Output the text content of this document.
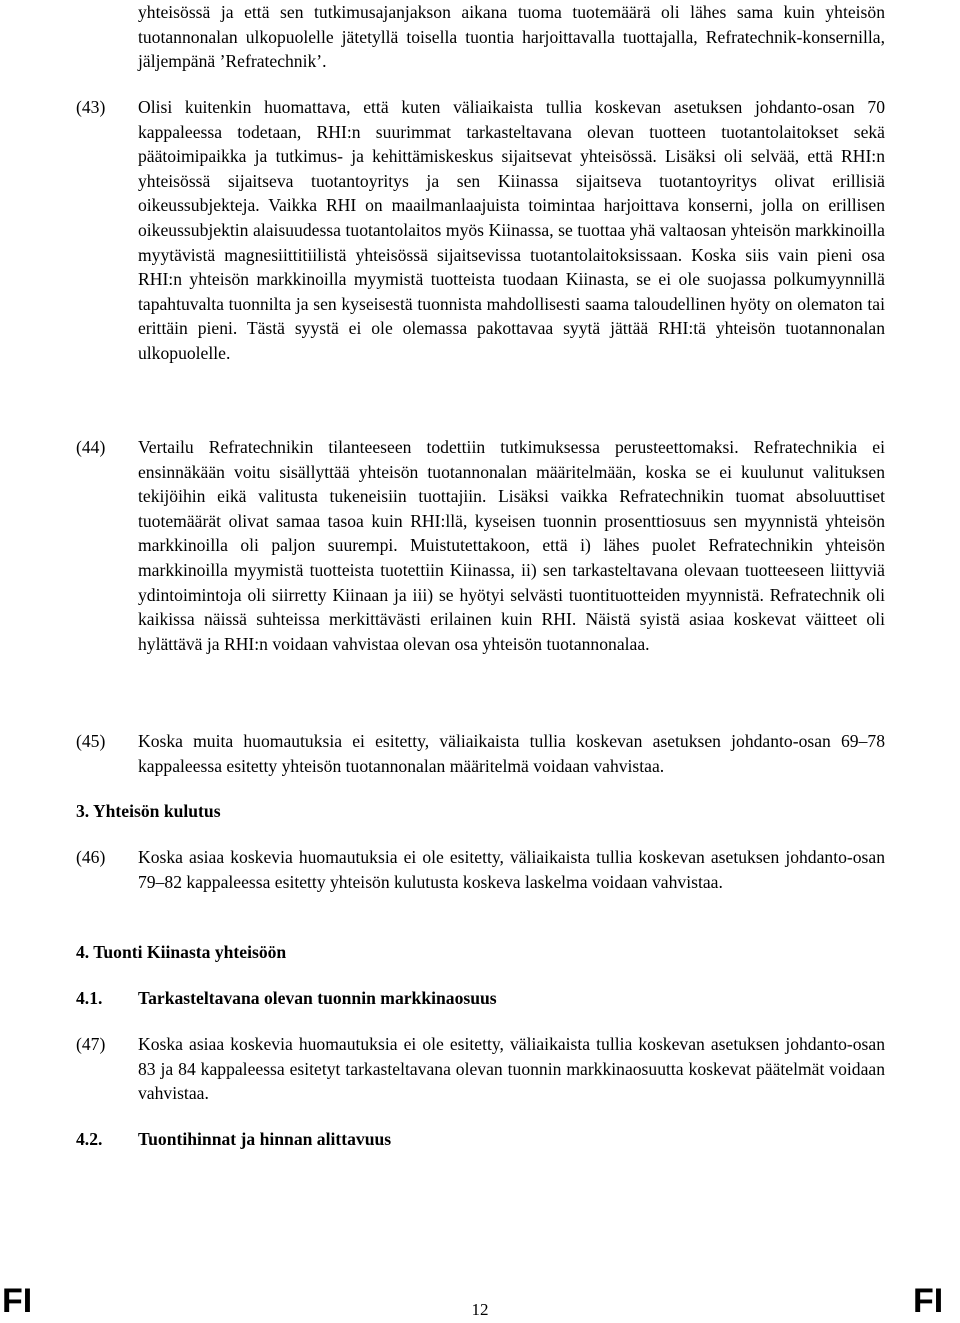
yhteisössä ja että sen tutkimusajanjakson aikana tuoma tuotemäärä oli lähes sama kuin yhteisön tuotannonalan ulkopuolelle jätetyllä toisella tuontia harjoittavalla tuottajalla, Refratechnik-konsernilla, jäljempänä ’Refratechnik’.

(43)	Olisi kuitenkin huomattava, että kuten väliaikaista tullia koskevan asetuksen johdanto-osan 70 kappaleessa todetaan, RHI:n suurimmat tarkasteltavana olevan tuotteen tuotantolaitokset sekä päätoimipaikka ja tutkimus- ja kehittämiskeskus sijaitsevat yhteisössä. Lisäksi oli selvää, että RHI:n yhteisössä sijaitseva tuotantoyritys ja sen Kiinassa sijaitseva tuotantoyritys olivat erillisiä oikeussubjekteja. Vaikka RHI on maailmanlaajuista toimintaa harjoittava konserni, jolla on erillisen oikeussubjektin alaisuudessa tuotantolaitos myös Kiinassa, se tuottaa yhä valtaosan yhteisön markkinoilla myytävistä magnesiittitiilistä yhteisössä sijaitsevissa tuotantolaitoksissaan. Koska siis vain pieni osa RHI:n yhteisön markkinoilla myymistä tuotteista tuodaan Kiinasta, se ei ole suojassa polkumyynnillä tapahtuvalta tuonnilta ja sen kyseisestä tuonnista mahdollisesti saama taloudellinen hyöty on olematon tai erittäin pieni. Tästä syystä ei ole olemassa pakottavaa syytä jättää RHI:tä yhteisön tuotannonalan ulkopuolelle.
(44)	Vertailu Refratechnikin tilanteeseen todettiin tutkimuksessa perusteettomaksi. Refratechnikia ei ensinnäkään voitu sisällyttää yhteisön tuotannonalan määritelmään, koska se ei kuulunut valituksen tekijöihin eikä valitusta tukeneisiin tuottajiin. Lisäksi vaikka Refratechnikin tuomat absoluuttiset tuotemäärät olivat samaa tasoa kuin RHI:llä, kyseisen tuonnin prosenttiosuus sen myynnistä yhteisön markkinoilla oli paljon suurempi. Muistutettakoon, että i) lähes puolet Refratechnikin yhteisön markkinoilla myymistä tuotteista tuotettiin Kiinassa, ii) sen tarkasteltavana olevaan tuotteeseen liittyviä ydintoimintoja oli siirretty Kiinaan ja iii) se hyötyi selvästi tuontituotteiden myynnistä. Refratechnik oli kaikissa näissä suhteissa merkittävästi erilainen kuin RHI. Näistä syistä asiaa koskevat väitteet oli hylättävä ja RHI:n voidaan vahvistaa olevan osa yhteisön tuotannonalaa.
(45)	Koska muita huomautuksia ei esitetty, väliaikaista tullia koskevan asetuksen johdanto-osan 69–78 kappaleessa esitetty yhteisön tuotannonalan määritelmä voidaan vahvistaa.

3. Yhteisön kulutus

(46)	Koska asiaa koskevia huomautuksia ei ole esitetty, väliaikaista tullia koskevan asetuksen johdanto-osan 79–82 kappaleessa esitetty yhteisön kulutusta koskeva laskelma voidaan vahvistaa.

4. Tuonti Kiinasta yhteisöön

4.1. Tarkasteltavana olevan tuonnin markkinaosuus

(47)	Koska asiaa koskevia huomautuksia ei ole esitetty, väliaikaista tullia koskevan asetuksen johdanto-osan 83 ja 84 kappaleessa esitetyt tarkasteltavana olevan tuonnin markkinaosuutta koskevat päätelmät voidaan vahvistaa.

4.2. Tuontihinnat ja hinnan alittavuus

FI	12	FI
